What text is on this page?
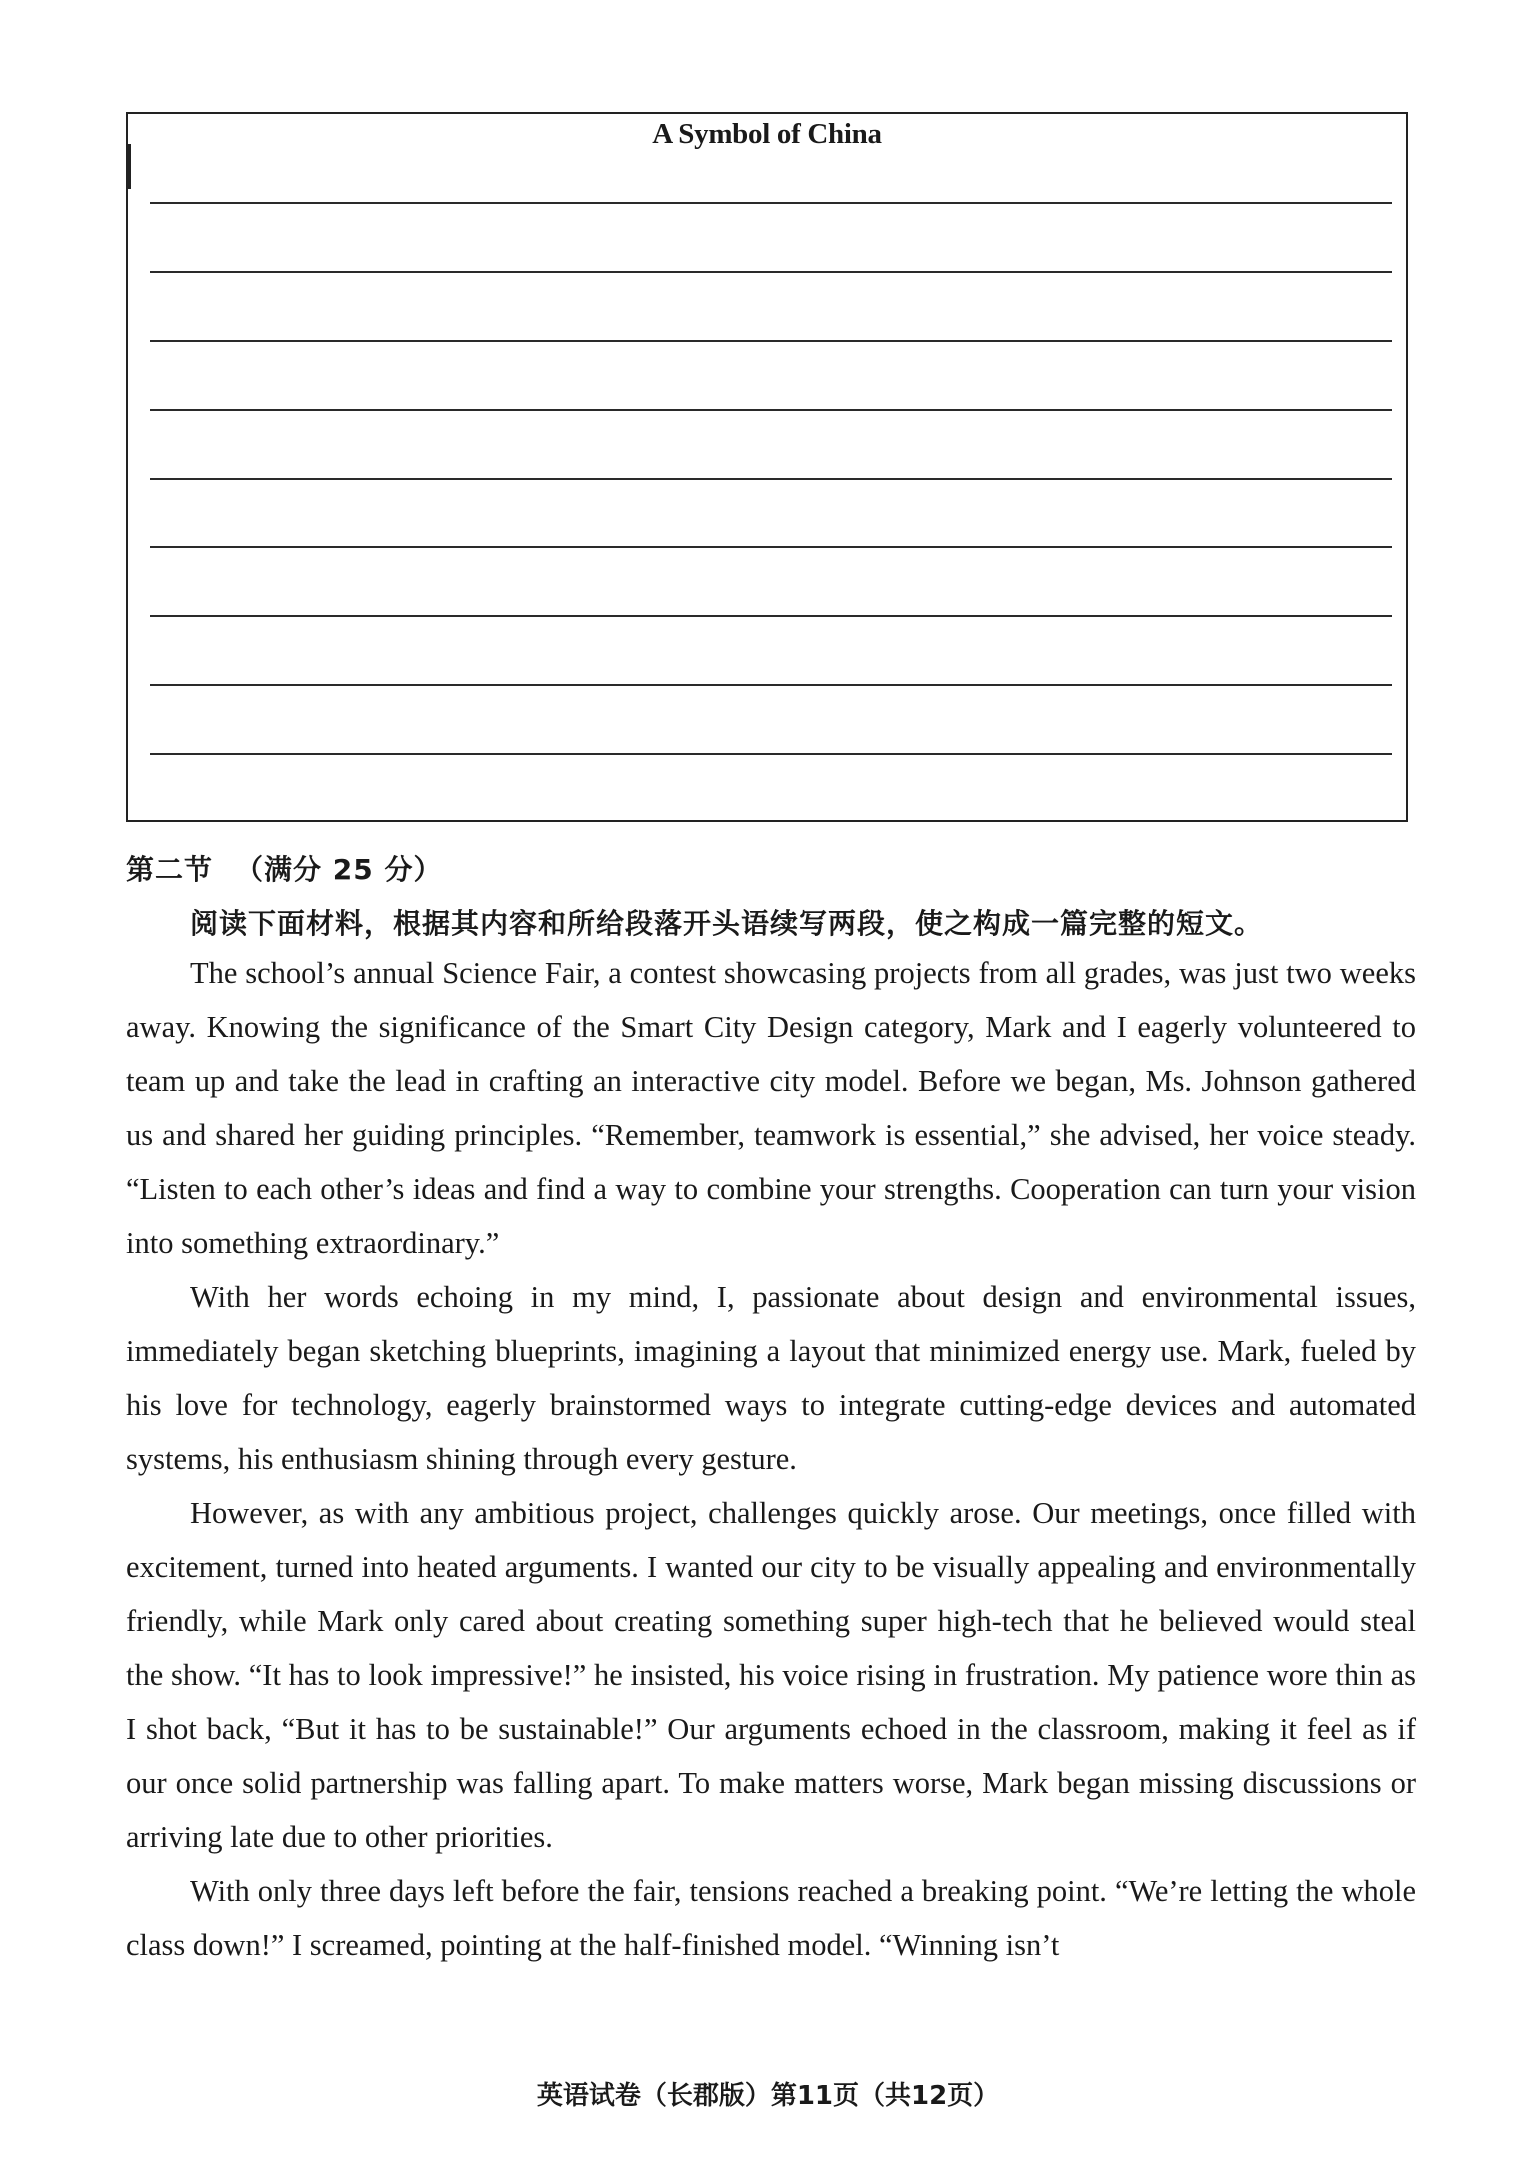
A Symbol of China
第二节 （满分 25 分）
阅读下面材料，根据其内容和所给段落开头语续写两段，使之构成一篇完整的短文。

The school’s annual Science Fair, a contest showcasing projects from all grades, was just two weeks away. Knowing the significance of the Smart City Design category, Mark and I eagerly volunteered to team up and take the lead in crafting an interactive city model. Before we began, Ms. Johnson gathered us and shared her guiding principles. “Remember, teamwork is essential,” she advised, her voice steady. “Listen to each other’s ideas and find a way to combine your strengths. Cooperation can turn your vision into something extraordinary.”

With her words echoing in my mind, I, passionate about design and environmental issues, immediately began sketching blueprints, imagining a layout that minimized energy use. Mark, fueled by his love for technology, eagerly brainstormed ways to integrate cutting-edge devices and automated systems, his enthusiasm shining through every gesture.

However, as with any ambitious project, challenges quickly arose. Our meetings, once filled with excitement, turned into heated arguments. I wanted our city to be visually appealing and environmentally friendly, while Mark only cared about creating something super high-tech that he believed would steal the show. “It has to look impressive!” he insisted, his voice rising in frustration. My patience wore thin as I shot back, “But it has to be sustainable!” Our arguments echoed in the classroom, making it feel as if our once solid partnership was falling apart. To make matters worse, Mark began missing discussions or arriving late due to other priorities.

With only three days left before the fair, tensions reached a breaking point. “We’re letting the whole class down!” I screamed, pointing at the half-finished model. “Winning isn’t

英语试卷（长郡版）第11页（共12页）
